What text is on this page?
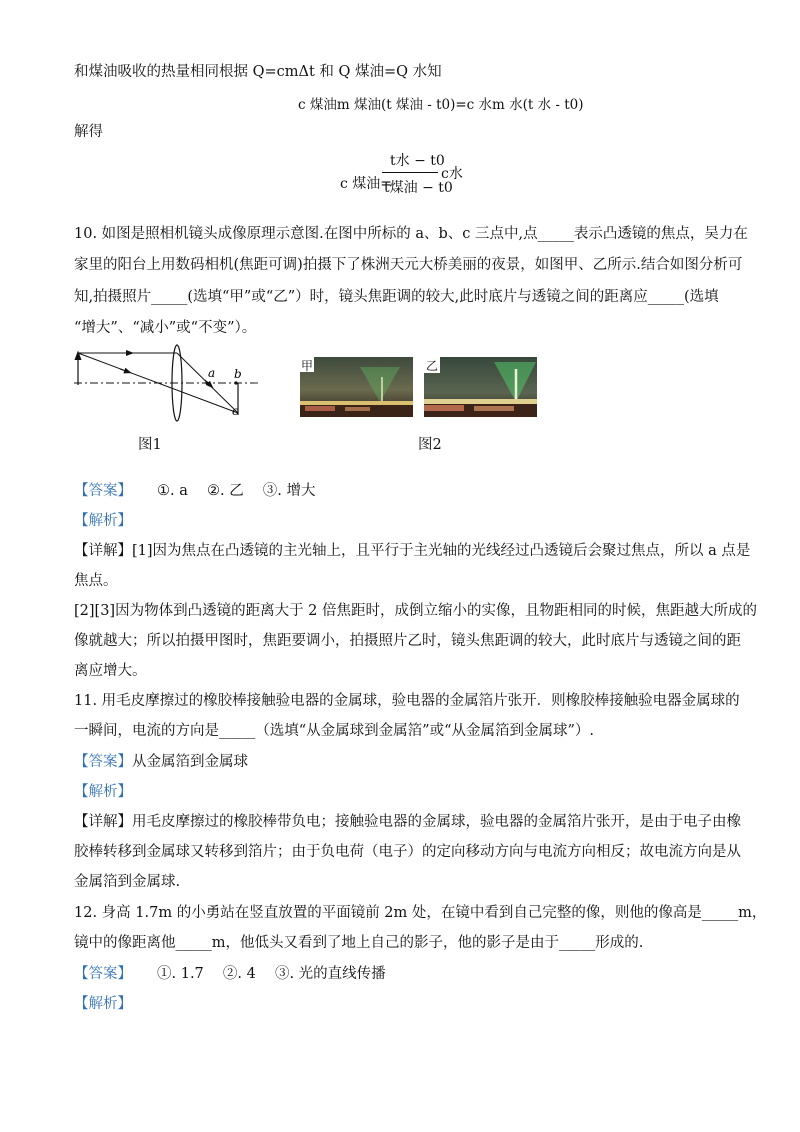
和煤油吸收的热量相同根据 Q=cmΔt 和 Q 煤油=Q 水知
c 煤油m 煤油(t 煤油 - t0)=c 水m 水(t 水 - t0)
解得
c 煤油=
t水 − t0
t煤油 − t0
c水
10. 如图是照相机镜头成像原理示意图.在图中所标的 a、b、c 三点中,点_____表示凸透镜的焦点，吴力在
家里的阳台上用数码相机(焦距可调)拍摄下了株洲天元大桥美丽的夜景，如图甲、乙所示.结合如图分析可
知,拍摄照片_____(选填“甲”或“乙”）时，镜头焦距调的较大,此时底片与透镜之间的距离应_____(选填
“增大”、“减小”或“不变”）。
a b
c
图1
甲	乙
图2
【答案】 ①. a　 ②. 乙　 ③. 增大
【解析】
【详解】[1]因为焦点在凸透镜的主光轴上，且平行于主光轴的光线经过凸透镜后会聚过焦点，所以 a 点是
焦点。
[2][3]因为物体到凸透镜的距离大于 2 倍焦距时，成倒立缩小的实像，且物距相同的时候，焦距越大所成的
像就越大；所以拍摄甲图时，焦距要调小，拍摄照片乙时，镜头焦距调的较大，此时底片与透镜之间的距
离应增大。
11. 用毛皮摩擦过的橡胶棒接触验电器的金属球，验电器的金属箔片张开．则橡胶棒接触验电器金属球的
一瞬间，电流的方向是_____（选填“从金属球到金属箔”或“从金属箔到金属球”）.
【答案】从金属箔到金属球
【解析】
【详解】用毛皮摩擦过的橡胶棒带负电；接触验电器的金属球，验电器的金属箔片张开，是由于电子由橡
胶棒转移到金属球又转移到箔片；由于负电荷（电子）的定向移动方向与电流方向相反；故电流方向是从
金属箔到金属球.
12. 身高 1.7m 的小勇站在竖直放置的平面镜前 2m 处，在镜中看到自己完整的像，则他的像高是_____m，
镜中的像距离他_____m，他低头又看到了地上自己的影子，他的影子是由于_____形成的.
【答案】 ①. 1.7　 ②. 4　 ③. 光的直线传播
【解析】
